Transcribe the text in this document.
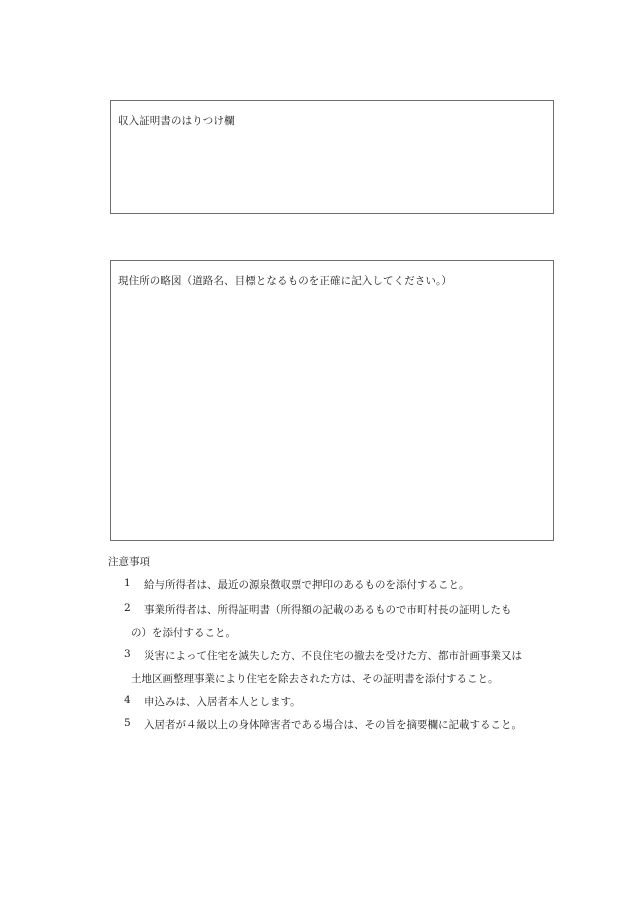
収入証明書のはりつけ欄
現住所の略図（道路名、目標となるものを正確に記入してください。）
注意事項
1 給与所得者は、最近の源泉徴収票で押印のあるものを添付すること。
2 事業所得者は、所得証明書（所得額の記載のあるもので市町村長の証明したも
の）を添付すること。
3 災害によって住宅を滅失した方、不良住宅の撤去を受けた方、都市計画事業又は
土地区画整理事業により住宅を除去された方は、その証明書を添付すること。
4 申込みは、入居者本人とします。
5 入居者が４級以上の身体障害者である場合は、その旨を摘要欄に記載すること。
